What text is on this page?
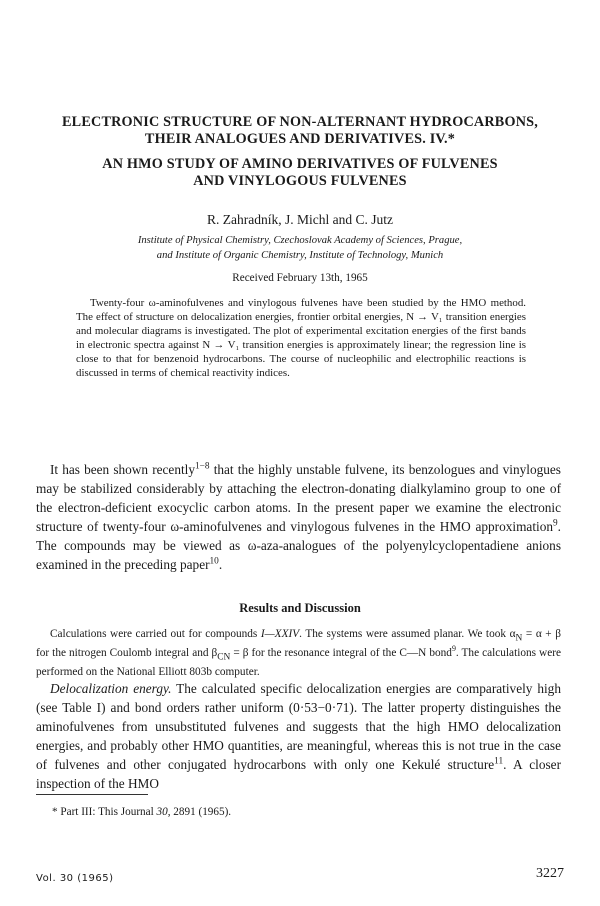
ELECTRONIC STRUCTURE OF NON-ALTERNANT HYDROCARBONS,
THEIR ANALOGUES AND DERIVATIVES. IV.*
AN HMO STUDY OF AMINO DERIVATIVES OF FULVENES
AND VINYLOGOUS FULVENES
R. Zahradník, J. Michl and C. Jutz
Institute of Physical Chemistry, Czechoslovak Academy of Sciences, Prague,
and Institute of Organic Chemistry, Institute of Technology, Munich
Received February 13th, 1965
Twenty-four ω-aminofulvenes and vinylogous fulvenes have been studied by the HMO method. The effect of structure on delocalization energies, frontier orbital energies, N → V₁ transition energies and molecular diagrams is investigated. The plot of experimental excitation energies of the first bands in electronic spectra against N → V₁ transition energies is approximately linear; the regression line is close to that for benzenoid hydrocarbons. The course of nucleophilic and electrophilic reactions is discussed in terms of chemical reactivity indices.
It has been shown recently$^{1-8}$ that the highly unstable fulvene, its benzologues and vinylogues may be stabilized considerably by attaching the electron-donating dialkylamino group to one of the electron-deficient exocyclic carbon atoms. In the present paper we examine the electronic structure of twenty-four ω-aminofulvenes and vinylogous fulvenes in the HMO approximation$^9$. The compounds may be viewed as ω-aza-analogues of the polyenylcyclopentadiene anions examined in the preceding paper$^{10}$.
Results and Discussion
Calculations were carried out for compounds I—XXIV. The systems were assumed planar. We took $\alpha_N = \alpha + \beta$ for the nitrogen Coulomb integral and $\beta_{CN} = \beta$ for the resonance integral of the C—N bond$^9$. The calculations were performed on the National Elliott 803b computer.
Delocalization energy. The calculated specific delocalization energies are comparatively high (see Table I) and bond orders rather uniform (0·53−0·71). The latter property distinguishes the aminofulvenes from unsubstituted fulvenes and suggests that the high HMO delocalization energies, and probably other HMO quantities, are meaningful, whereas this is not true in the case of fulvenes and other conjugated hydrocarbons with only one Kekulé structure$^{11}$. A closer inspection of the HMO
* Part III: This Journal 30, 2891 (1965).
Vol. 30 (1965)	3227
